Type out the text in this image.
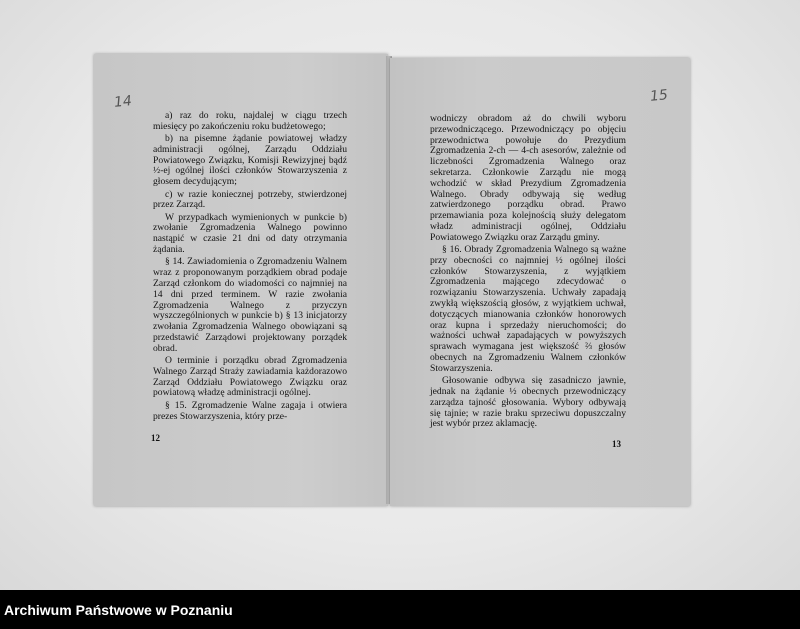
14

a) raz do roku, najdalej w ciągu trzech miesięcy po zakończeniu roku budżetowego;

b) na pisemne żądanie powiatowej władzy administracji ogólnej, Zarządu Oddziału Powiatowego Związku, Komisji Rewizyjnej bądź ½-ej ogólnej ilości członków Stowarzyszenia z głosem decydującym;

c) w razie koniecznej potrzeby, stwierdzonej przez Zarząd.

W przypadkach wymienionych w punkcie b) zwołanie Zgromadzenia Walnego powinno nastąpić w czasie 21 dni od daty otrzymania żądania.

§ 14. Zawiadomienia o Zgromadzeniu Walnem wraz z proponowanym porządkiem obrad podaje Zarząd członkom do wiadomości co najmniej na 14 dni przed terminem. W razie zwołania Zgromadzenia Walnego z przyczyn wyszczególnionych w punkcie b) § 13 inicjatorzy zwołania Zgromadzenia Walnego obowiązani są przedstawić Zarządowi projektowany porządek obrad.

O terminie i porządku obrad Zgromadzenia Walnego Zarząd Straży zawiadamia każdorazowo Zarząd Oddziału Powiatowego Związku oraz powiatową władzę administracji ogólnej.

§ 15. Zgromadzenie Walne zagaja i otwiera prezes Stowarzyszenia, który prze-

12
15

wodniczy obradom aż do chwili wyboru przewodniczącego. Przewodniczący po objęciu przewodnictwa powołuje do Prezydium Zgromadzenia 2-ch — 4-ch asesorów, zależnie od liczebności Zgromadzenia Walnego oraz sekretarza. Członkowie Zarządu nie mogą wchodzić w skład Prezydium Zgromadzenia Walnego. Obrady odbywają się według zatwierdzonego porządku obrad. Prawo przemawiania poza kolejnością służy delegatom władz administracji ogólnej, Oddziału Powiatowego Związku oraz Zarządu gminy.

§ 16. Obrady Zgromadzenia Walnego są ważne przy obecności co najmniej ½ ogólnej ilości członków Stowarzyszenia, z wyjątkiem Zgromadzenia mającego zdecydować o rozwiązaniu Stowarzyszenia. Uchwały zapadają zwykłą większością głosów, z wyjątkiem uchwał, dotyczących mianowania członków honorowych oraz kupna i sprzedaży nieruchomości; do ważności uchwał zapadających w powyższych sprawach wymagana jest większość ⅔ głosów obecnych na Zgromadzeniu Walnem członków Stowarzyszenia.

Głosowanie odbywa się zasadniczo jawnie, jednak na żądanie ½ obecnych przewodniczący zarządza tajność głosowania. Wybory odbywają się tajnie; w razie braku sprzeciwu dopuszczalny jest wybór przez aklamację.

13
Archiwum Państwowe w Poznaniu
